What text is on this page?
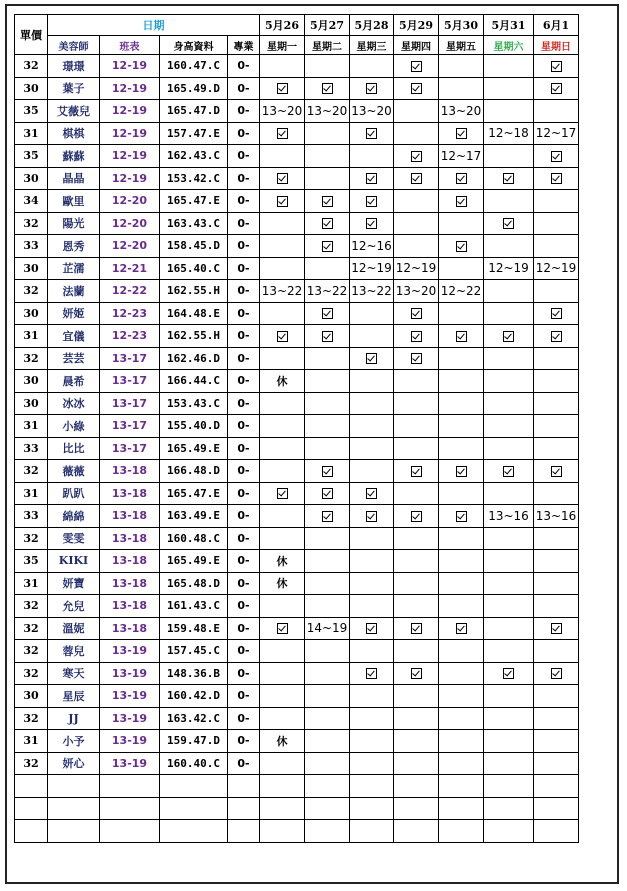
單價	日期				5月26	5月27	5月28	5月29	5月30	5月31	6月1
	美容師	班表	身高資料	專業	星期一	星期二	星期三	星期四	星期五	星期六	星期日
32	璟璟	12-19	160.47.C	0-							
30	葉子	12-19	165.49.D	0-							
35	艾薇兒	12-19	165.47.D	0-	13~20	13~20	13~20		13~20		
31	棋棋	12-19	157.47.E	0-						12~18	12~17
35	蘇蘇	12-19	162.43.C	0-					12~17		
30	晶晶	12-19	153.42.C	0-							
34	歐里	12-20	165.47.E	0-							
32	陽光	12-20	163.43.C	0-							
33	恩秀	12-20	158.45.D	0-			12~16				
30	芷濡	12-21	165.40.C	0-			12~19	12~19		12~19	12~19
32	法蘭	12-22	162.55.H	0-	13~22	13~22	13~22	13~20	12~22		
30	妍姬	12-23	164.48.E	0-							
31	宜儀	12-23	162.55.H	0-							
32	芸芸	13-17	162.46.D	0-							
30	晨希	13-17	166.44.C	0-	休						
30	冰冰	13-17	153.43.C	0-							
31	小綠	13-17	155.40.D	0-							
33	比比	13-17	165.49.E	0-							
32	薇薇	13-18	166.48.D	0-							
31	趴趴	13-18	165.47.E	0-							
33	綿綿	13-18	163.49.E	0-						13~16	13~16
32	雯雯	13-18	160.48.C	0-							
35	KIKI	13-18	165.49.E	0-	休						
31	妍寶	13-18	165.48.D	0-	休						
32	允兒	13-18	161.43.C	0-							
32	溫妮	13-18	159.48.E	0-		14~19					
32	蓉兒	13-19	157.45.C	0-							
32	寒天	13-19	148.36.B	0-							
30	星辰	13-19	160.42.D	0-							
32	JJ	13-19	163.42.C	0-							
31	小予	13-19	159.47.D	0-	休						
32	妍心	13-19	160.40.C	0-							
